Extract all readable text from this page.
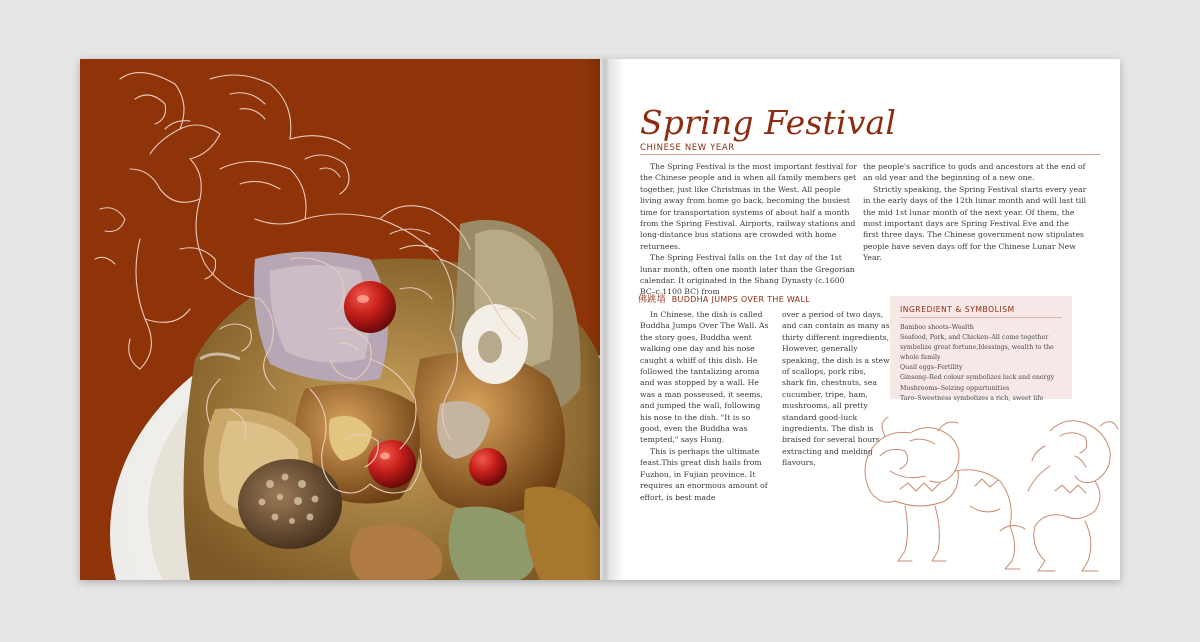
Spring Festival
CHINESE NEW YEAR

The Spring Festival is the most important festival for the Chinese people and is when all family members get together, just like Christmas in the West. All people living away from home go back, becoming the busiest time for transportation systems of about half a month from the Spring Festival. Airports, railway stations and long-distance bus stations are crowded with home returnees.

The Spring Festival falls on the 1st day of the 1st lunar month, often one month later than the Gregorian calendar. It originated in the Shang Dynasty (c.1600 BC–c.1100 BC) from

the people's sacrifice to gods and ancestors at the end of an old year and the beginning of a new one.

Strictly speaking, the Spring Festival starts every year in the early days of the 12th lunar month and will last till the mid 1st lunar month of the next year. Of them, the most important days are Spring Festival Eve and the first three days. The Chinese government now stipulates people have seven days off for the Chinese Lunar New Year.

佛跳墙 BUDDHA JUMPS OVER THE WALL

In Chinese, the dish is called Buddha Jumps Over The Wall. As the story goes, Buddha went walking one day and his nose caught a whiff of this dish. He followed the tantalizing aroma and was stopped by a wall. He was a man possessed, it seems, and jumped the wall, following his nose to the dish. "It is so good, even the Buddha was tempted," says Hung.

This is perhaps the ultimate feast.This great dish hails from Fuzhou, in Fujian province. It requires an enormous amount of effort, is best made

over a period of two days, and can contain as many as thirty different ingredients, However, generally speaking, the dish is a stew of scallops, pork ribs, shark fin, chestnuts, sea cucumber, tripe, ham, mushrooms, all pretty standard good-luck ingredients. The dish is braised for several hours extracting and melding flavours.

INGREDIENT & SYMBOLISM
Bamboo shoots–Wealth
Seafood, Pork, and Chicken–All come together symbolize great fortune,blessings, wealth to the whole family
Quail eggs–Fertility
Ginseng–Red colour symbolizes luck and energy
Mushrooms–Seizing oppurtunities
Taro–Sweetness symbolizes a rich, sweet life
